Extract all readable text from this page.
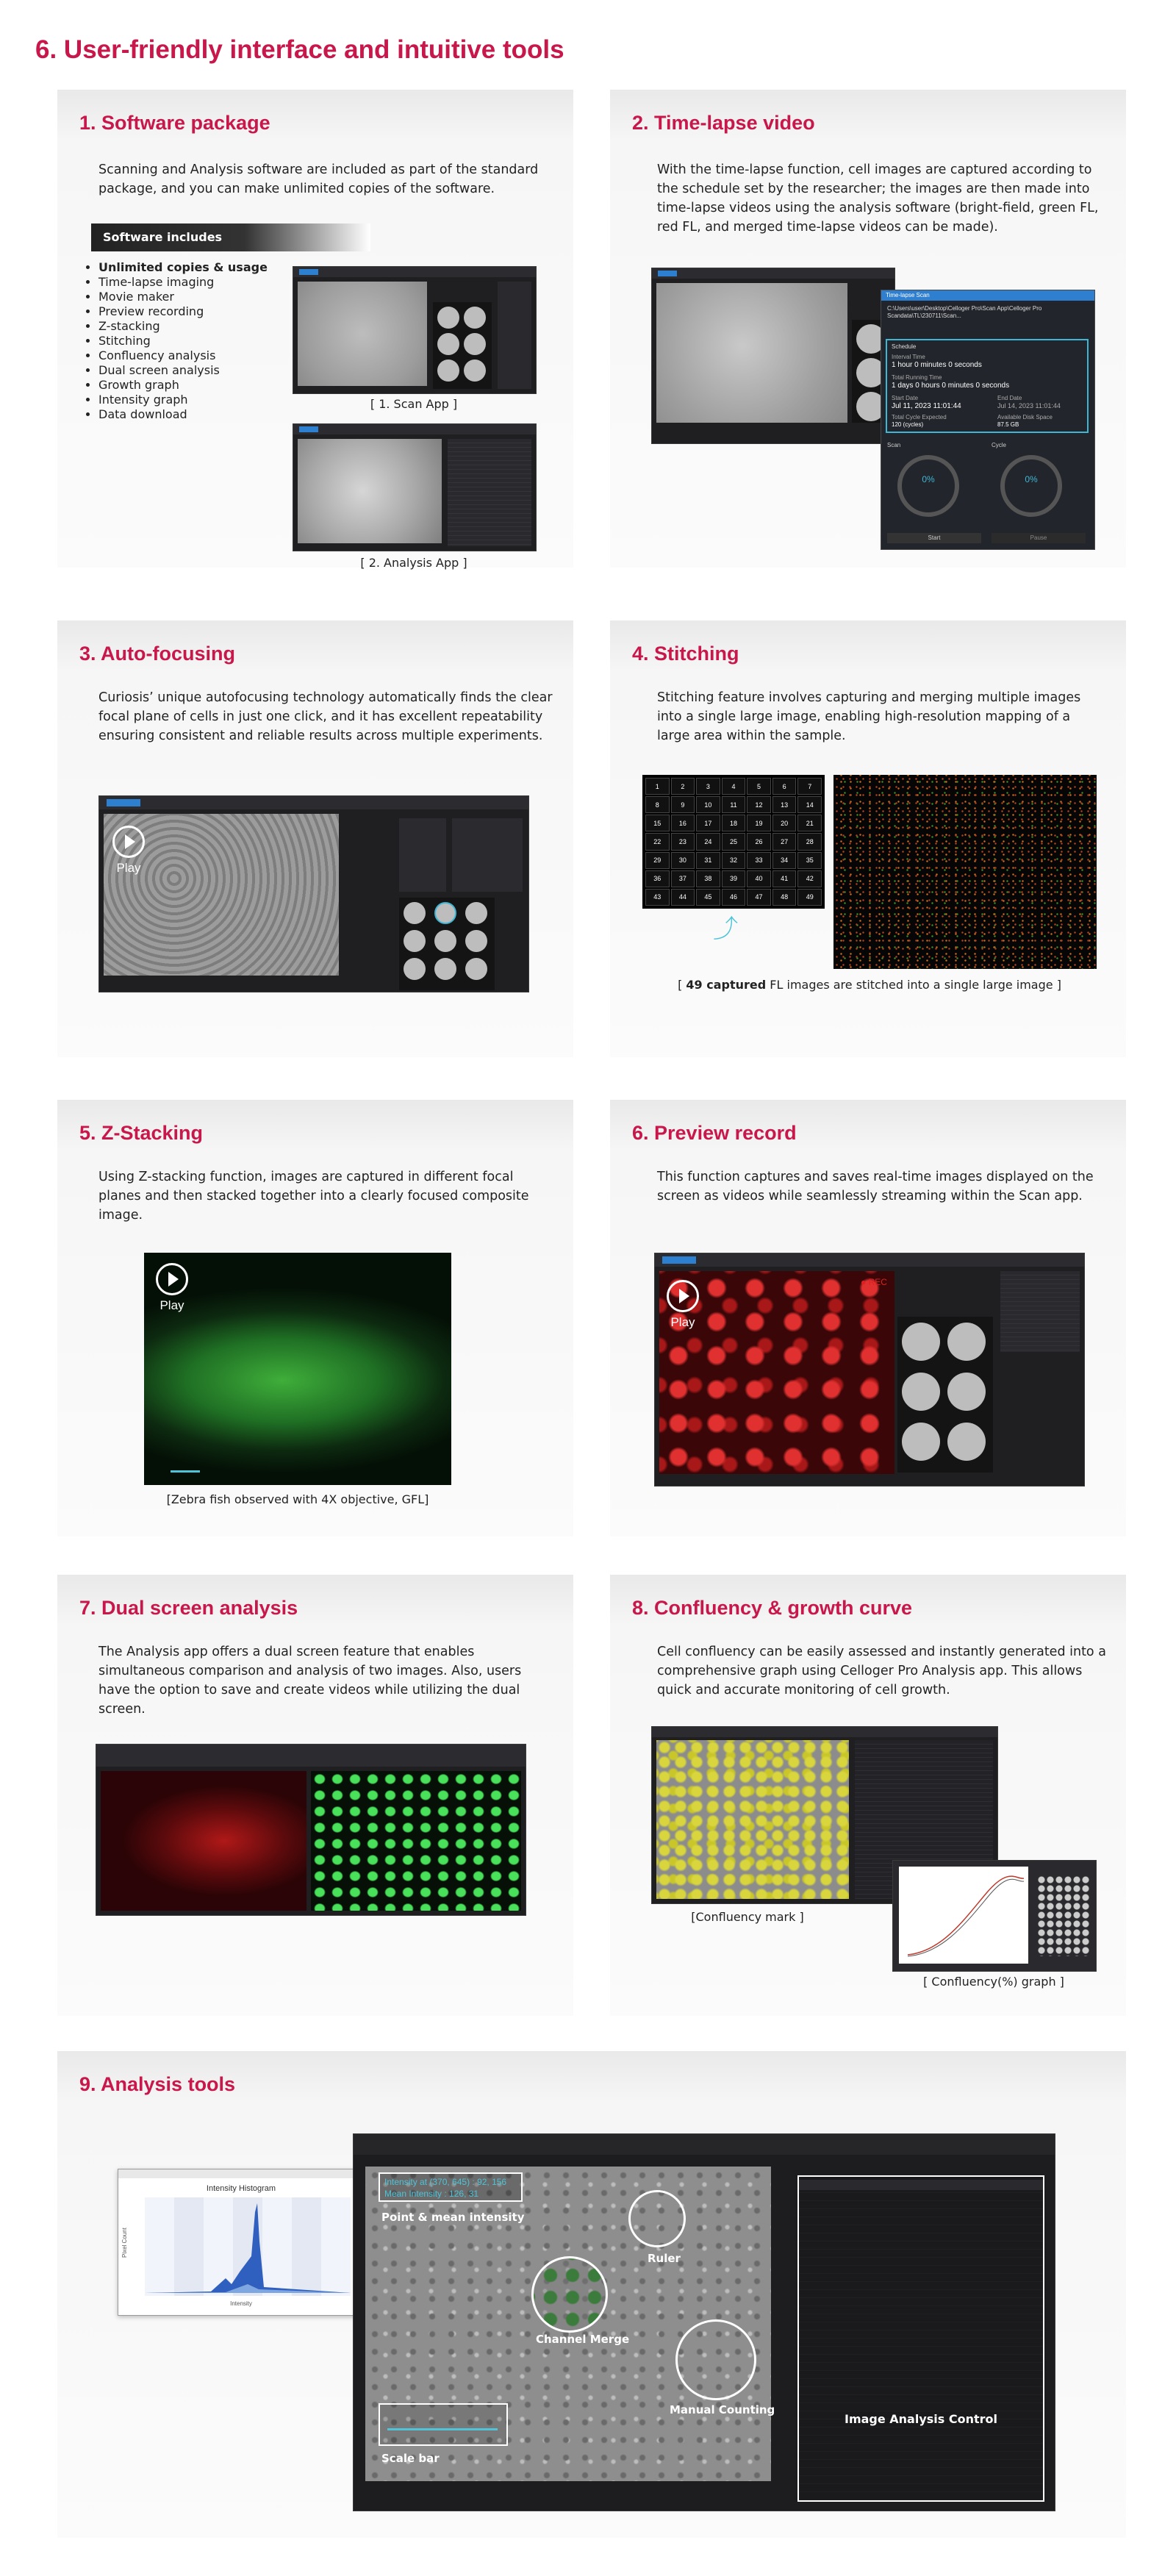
6. User-friendly interface and intuitive tools
1. Software package
Scanning and Analysis software are included as part of the standard package, and you can make unlimited copies of the software.
Software includes
• Unlimited copies & usage
• Time-lapse imaging
• Movie maker
• Preview recording
• Z-stacking
• Stitching
• Confluency analysis
• Dual screen analysis
• Growth graph
• Intensity graph
• Data download
[ 1. Scan App ]
[ 2. Analysis App ]
2. Time-lapse video
With the time-lapse function, cell images are captured according to the schedule set by the researcher; the images are then made into time-lapse videos using the analysis software (bright-field, green FL, red FL, and merged time-lapse videos can be made).
Time-lapse Scan
C:\Users\user\Desktop\Celloger Pro\Scan App\Celloger Pro Scandata\TL\230711\Scan...
Schedule
Interval Time
1 hour 0 minutes 0 seconds
Total Running Time
1 days 0 hours 0 minutes 0 seconds
Start Date
Jul 11, 2023 11:01:44
End Date
Jul 14, 2023 11:01:44
Total Cycle Expected
120 (cycles)
Available Disk Space
87.5 GB
Scan	Cycle
0%	0%
Start	Pause
3. Auto-focusing
Curiosis’ unique autofocusing technology automatically finds the clear focal plane of cells in just one click, and it has excellent repeatability ensuring consistent and reliable results across multiple experiments.
Play
4. Stitching
Stitching feature involves capturing and merging multiple images into a single large image, enabling high-resolution mapping of a large area within the sample.
1	2	3	4	5	6	7
8	9	10	11	12	13	14
15	16	17	18	19	20	21
22	23	24	25	26	27	28
29	30	31	32	33	34	35
36	37	38	39	40	41	42
43	44	45	46	47	48	49
⤴
[ 49 captured FL images are stitched into a single large image ]
5. Z-Stacking
Using Z-stacking function, images are captured in different focal planes and then stacked together into a clearly focused composite image.
Play
[Zebra fish observed with 4X objective, GFL]
6. Preview record
This function captures and saves real-time images displayed on the screen as videos while seamlessly streaming within the Scan app.
Play
● REC
7. Dual screen analysis
The Analysis app offers a dual screen feature that enables simultaneous comparison and analysis of two images. Also, users have the option to save and create videos while utilizing the dual screen.
8. Confluency & growth curve
Cell confluency can be easily assessed and instantly generated into a comprehensive graph using Celloger Pro Analysis app. This allows quick and accurate monitoring of cell growth.
[Confluency mark ]
[ Confluency(%) graph ]
9. Analysis tools
Intensity Histogram
Pixel Count
Intensity
Intensity at (370, 645) : 92, 156
Mean Intensity : 126, 31
Point & mean intensity
Ruler
Channel Merge
Manual Counting
Scale bar
Image Analysis Control
